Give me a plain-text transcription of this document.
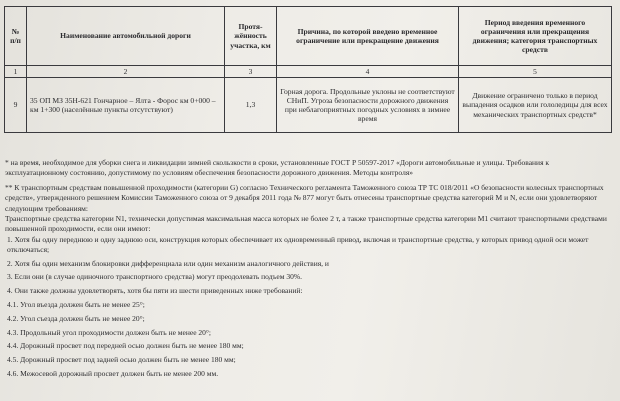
№ п/п	Наименование автомобильной дороги	Протя-жённость участка, км	Причина, по которой введено временное ограничение или прекращение движения	Период введения временного ограничения или прекращения движения; категория транспортных средств
1	2	3	4	5
9	35 ОП МЗ 35Н-621 Гончарное – Ялта - Форос км 0+000 – км 1+300 (населённые пункты отсутствуют)	1,3	Горная дорога. Продольные уклоны не соответствуют СНиП. Угроза безопасности дорожного движения при неблагоприятных погодных условиях в зимнее время	Движение ограничено только в период выпадения осадков или гололедицы для всех механических транспортных средств*

* на время, необходимое для уборки снега и ликвидации зимней скользкости в сроки, установленные ГОСТ Р 50597-2017 «Дороги автомобильные и улицы. Требования к эксплуатационному состоянию, допустимому по условиям обеспечения безопасности дорожного движения. Методы контроля»

** К транспортным средствам повышенной проходимости (категории G) согласно Технического регламента Таможенного союза ТР ТС 018/2011 «О безопасности колесных транспортных средств», утвержденного решением Комиссии Таможенного союза от 9 декабря 2011 года № 877 могут быть отнесены транспортные средства категорий M и N, если они удовлетворяют следующим требованиям:

Транспортные средства категории N1, технически допустимая максимальная масса которых не более 2 т, а также транспортные средства категории М1 считают транспортными средствами повышенной проходимости, если они имеют:

1. Хотя бы одну переднюю и одну заднюю оси, конструкция которых обеспечивает их одновременный привод, включая и транспортные средства, у которых привод одной оси может отключаться;

2. Хотя бы один механизм блокировки дифференциала или один механизм аналогичного действия, и

3. Если они (в случае одиночного транспортного средства) могут преодолевать подъем 30%.

4. Они также должны удовлетворять, хотя бы пяти из шести приведенных ниже требований:

4.1. Угол въезда должен быть не менее 25°;

4.2. Угол съезда должен быть не менее 20°;

4.3. Продольный угол проходимости должен быть не менее 20°;

4.4. Дорожный просвет под передней осью должен быть не менее 180 мм;

4.5. Дорожный просвет под задней осью должен быть не менее 180 мм;

4.6. Межосевой дорожный просвет должен быть не менее 200 мм.
